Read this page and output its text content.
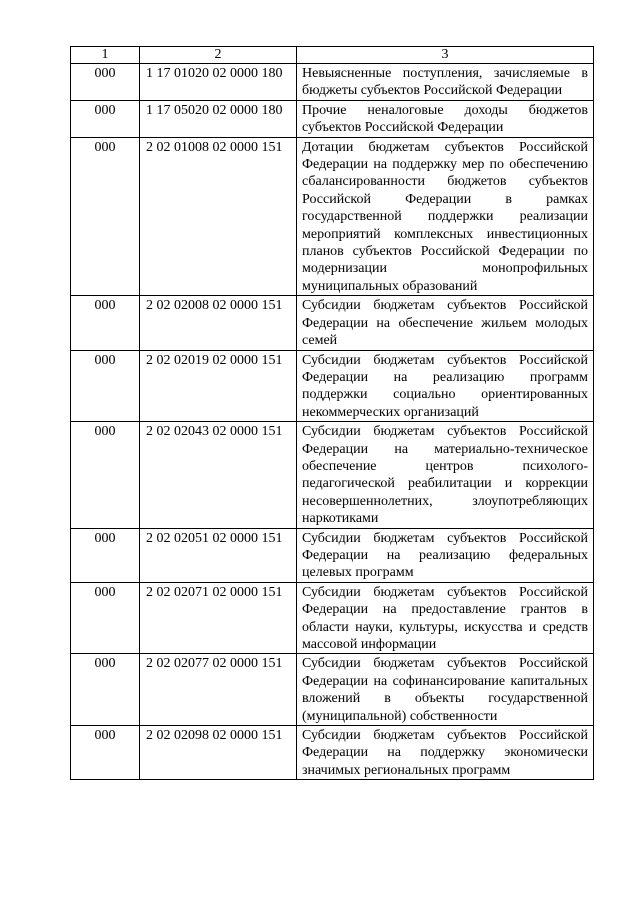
1	2	3
000	1 17 01020 02 0000 180	Невыясненные поступления, зачисляемые в бюджеты субъектов Российской Федерации
000	1 17 05020 02 0000 180	Прочие неналоговые доходы бюджетов субъектов Российской Федерации
000	2 02 01008 02 0000 151	Дотации бюджетам субъектов Российской Федерации на поддержку мер по обеспечению сбалансированности бюджетов субъектов Российской Федерации в рамках государственной поддержки реализации мероприятий комплексных инвестиционных планов субъектов Российской Федерации по модернизации монопрофильных муниципальных образований
000	2 02 02008 02 0000 151	Субсидии бюджетам субъектов Российской Федерации на обеспечение жильем молодых семей
000	2 02 02019 02 0000 151	Субсидии бюджетам субъектов Российской Федерации на реализацию программ поддержки социально ориентированных некоммерческих организаций
000	2 02 02043 02 0000 151	Субсидии бюджетам субъектов Российской Федерации на материально-техническое обеспечение центров психолого-педагогической реабилитации и коррекции несовершеннолетних, злоупотребляющих наркотиками
000	2 02 02051 02 0000 151	Субсидии бюджетам субъектов Российской Федерации на реализацию федеральных целевых программ
000	2 02 02071 02 0000 151	Субсидии бюджетам субъектов Российской Федерации на предоставление грантов в области науки, культуры, искусства и средств массовой информации
000	2 02 02077 02 0000 151	Субсидии бюджетам субъектов Российской Федерации на софинансирование капитальных вложений в объекты государственной (муниципальной) собственности
000	2 02 02098 02 0000 151	Субсидии бюджетам субъектов Российской Федерации на поддержку экономически значимых региональных программ
